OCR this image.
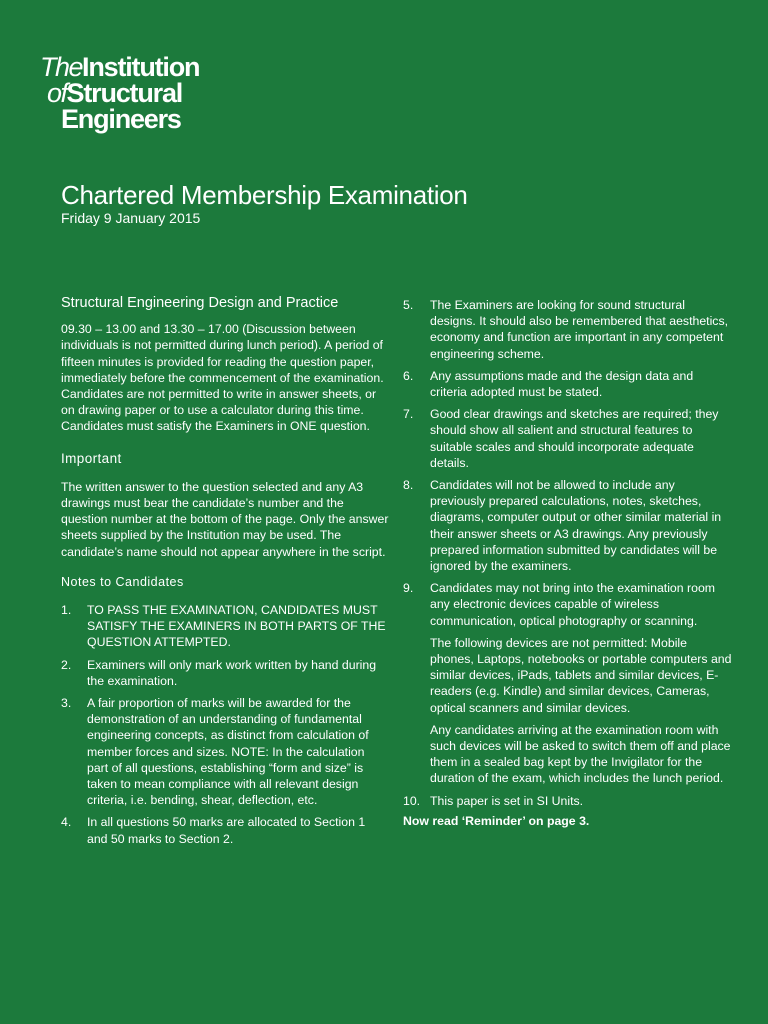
TheInstitution
ofStructural
Engineers
Chartered Membership Examination
Friday 9 January 2015
Structural Engineering Design and Practice

09.30 – 13.00 and 13.30 – 17.00 (Discussion between individuals is not permitted during lunch period). A period of fifteen minutes is provided for reading the question paper, immediately before the commencement of the examination. Candidates are not permitted to write in answer sheets, or on drawing paper or to use a calculator during this time. Candidates must satisfy the Examiners in ONE question.

Important

The written answer to the question selected and any A3 drawings must bear the candidate’s number and the question number at the bottom of the page. Only the answer sheets supplied by the Institution may be used. The candidate’s name should not appear anywhere in the script.

Notes to Candidates
1. TO PASS THE EXAMINATION, CANDIDATES MUST SATISFY THE EXAMINERS IN BOTH PARTS OF THE QUESTION ATTEMPTED.
2. Examiners will only mark work written by hand during the examination.
3. A fair proportion of marks will be awarded for the demonstration of an understanding of fundamental engineering concepts, as distinct from calculation of member forces and sizes. NOTE: In the calculation part of all questions, establishing “form and size” is taken to mean compliance with all relevant design criteria, i.e. bending, shear, deflection, etc.
4. In all questions 50 marks are allocated to Section 1 and 50 marks to Section 2.
5. The Examiners are looking for sound structural designs. It should also be remembered that aesthetics, economy and function are important in any competent engineering scheme.
6. Any assumptions made and the design data and criteria adopted must be stated.
7. Good clear drawings and sketches are required; they should show all salient and structural features to suitable scales and should incorporate adequate details.
8. Candidates will not be allowed to include any previously prepared calculations, notes, sketches, diagrams, computer output or other similar material in their answer sheets or A3 drawings. Any previously prepared information submitted by candidates will be ignored by the examiners.
9. Candidates may not bring into the examination room any electronic devices capable of wireless communication, optical photography or scanning.

The following devices are not permitted: Mobile phones, Laptops, notebooks or portable computers and similar devices, iPads, tablets and similar devices, E-readers (e.g. Kindle) and similar devices, Cameras, optical scanners and similar devices.

Any candidates arriving at the examination room with such devices will be asked to switch them off and place them in a sealed bag kept by the Invigilator for the duration of the exam, which includes the lunch period.

10. This paper is set in SI Units.

Now read ‘Reminder’ on page 3.
